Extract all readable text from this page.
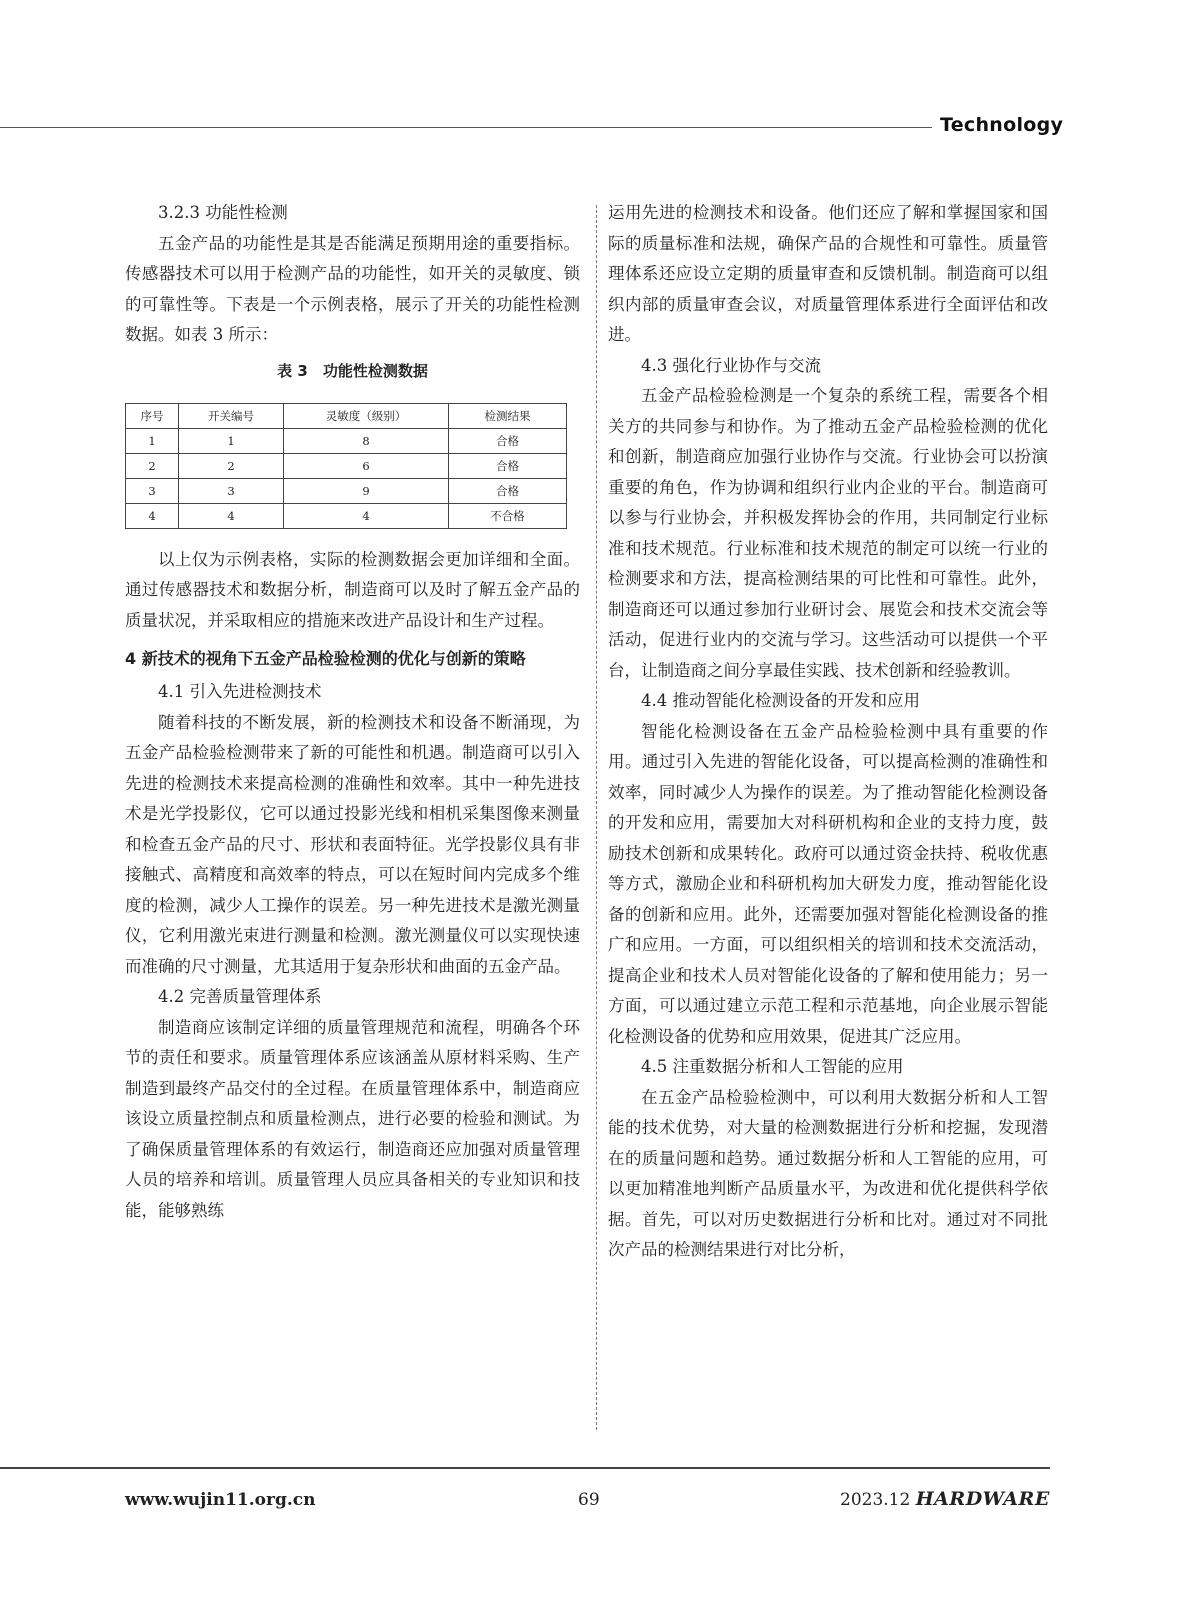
Technology
3.2.3 功能性检测

五金产品的功能性是其是否能满足预期用途的重要指标。传感器技术可以用于检测产品的功能性，如开关的灵敏度、锁的可靠性等。下表是一个示例表格，展示了开关的功能性检测数据。如表 3 所示：

表 3　功能性检测数据
序号	开关编号	灵敏度（级别）	检测结果
1	1	8	合格
2	2	6	合格
3	3	9	合格
4	4	4	不合格

以上仅为示例表格，实际的检测数据会更加详细和全面。通过传感器技术和数据分析，制造商可以及时了解五金产品的质量状况，并采取相应的措施来改进产品设计和生产过程。

4 新技术的视角下五金产品检验检测的优化与创新的策略
4.1 引入先进检测技术

随着科技的不断发展，新的检测技术和设备不断涌现，为五金产品检验检测带来了新的可能性和机遇。制造商可以引入先进的检测技术来提高检测的准确性和效率。其中一种先进技术是光学投影仪，它可以通过投影光线和相机采集图像来测量和检查五金产品的尺寸、形状和表面特征。光学投影仪具有非接触式、高精度和高效率的特点，可以在短时间内完成多个维度的检测，减少人工操作的误差。另一种先进技术是激光测量仪，它利用激光束进行测量和检测。激光测量仪可以实现快速而准确的尺寸测量，尤其适用于复杂形状和曲面的五金产品。

4.2 完善质量管理体系

制造商应该制定详细的质量管理规范和流程，明确各个环节的责任和要求。质量管理体系应该涵盖从原材料采购、生产制造到最终产品交付的全过程。在质量管理体系中，制造商应该设立质量控制点和质量检测点，进行必要的检验和测试。为了确保质量管理体系的有效运行，制造商还应加强对质量管理人员的培养和培训。质量管理人员应具备相关的专业知识和技能，能够熟练

运用先进的检测技术和设备。他们还应了解和掌握国家和国际的质量标准和法规，确保产品的合规性和可靠性。质量管理体系还应设立定期的质量审查和反馈机制。制造商可以组织内部的质量审查会议，对质量管理体系进行全面评估和改进。

4.3 强化行业协作与交流

五金产品检验检测是一个复杂的系统工程，需要各个相关方的共同参与和协作。为了推动五金产品检验检测的优化和创新，制造商应加强行业协作与交流。行业协会可以扮演重要的角色，作为协调和组织行业内企业的平台。制造商可以参与行业协会，并积极发挥协会的作用，共同制定行业标准和技术规范。行业标准和技术规范的制定可以统一行业的检测要求和方法，提高检测结果的可比性和可靠性。此外，制造商还可以通过参加行业研讨会、展览会和技术交流会等活动，促进行业内的交流与学习。这些活动可以提供一个平台，让制造商之间分享最佳实践、技术创新和经验教训。

4.4 推动智能化检测设备的开发和应用

智能化检测设备在五金产品检验检测中具有重要的作用。通过引入先进的智能化设备，可以提高检测的准确性和效率，同时减少人为操作的误差。为了推动智能化检测设备的开发和应用，需要加大对科研机构和企业的支持力度，鼓励技术创新和成果转化。政府可以通过资金扶持、税收优惠等方式，激励企业和科研机构加大研发力度，推动智能化设备的创新和应用。此外，还需要加强对智能化检测设备的推广和应用。一方面，可以组织相关的培训和技术交流活动，提高企业和技术人员对智能化设备的了解和使用能力；另一方面，可以通过建立示范工程和示范基地，向企业展示智能化检测设备的优势和应用效果，促进其广泛应用。

4.5 注重数据分析和人工智能的应用

在五金产品检验检测中，可以利用大数据分析和人工智能的技术优势，对大量的检测数据进行分析和挖掘，发现潜在的质量问题和趋势。通过数据分析和人工智能的应用，可以更加精准地判断产品质量水平，为改进和优化提供科学依据。首先，可以对历史数据进行分析和比对。通过对不同批次产品的检测结果进行对比分析，

www.wujin11.org.cn	69	2023.12 HARDWARE
